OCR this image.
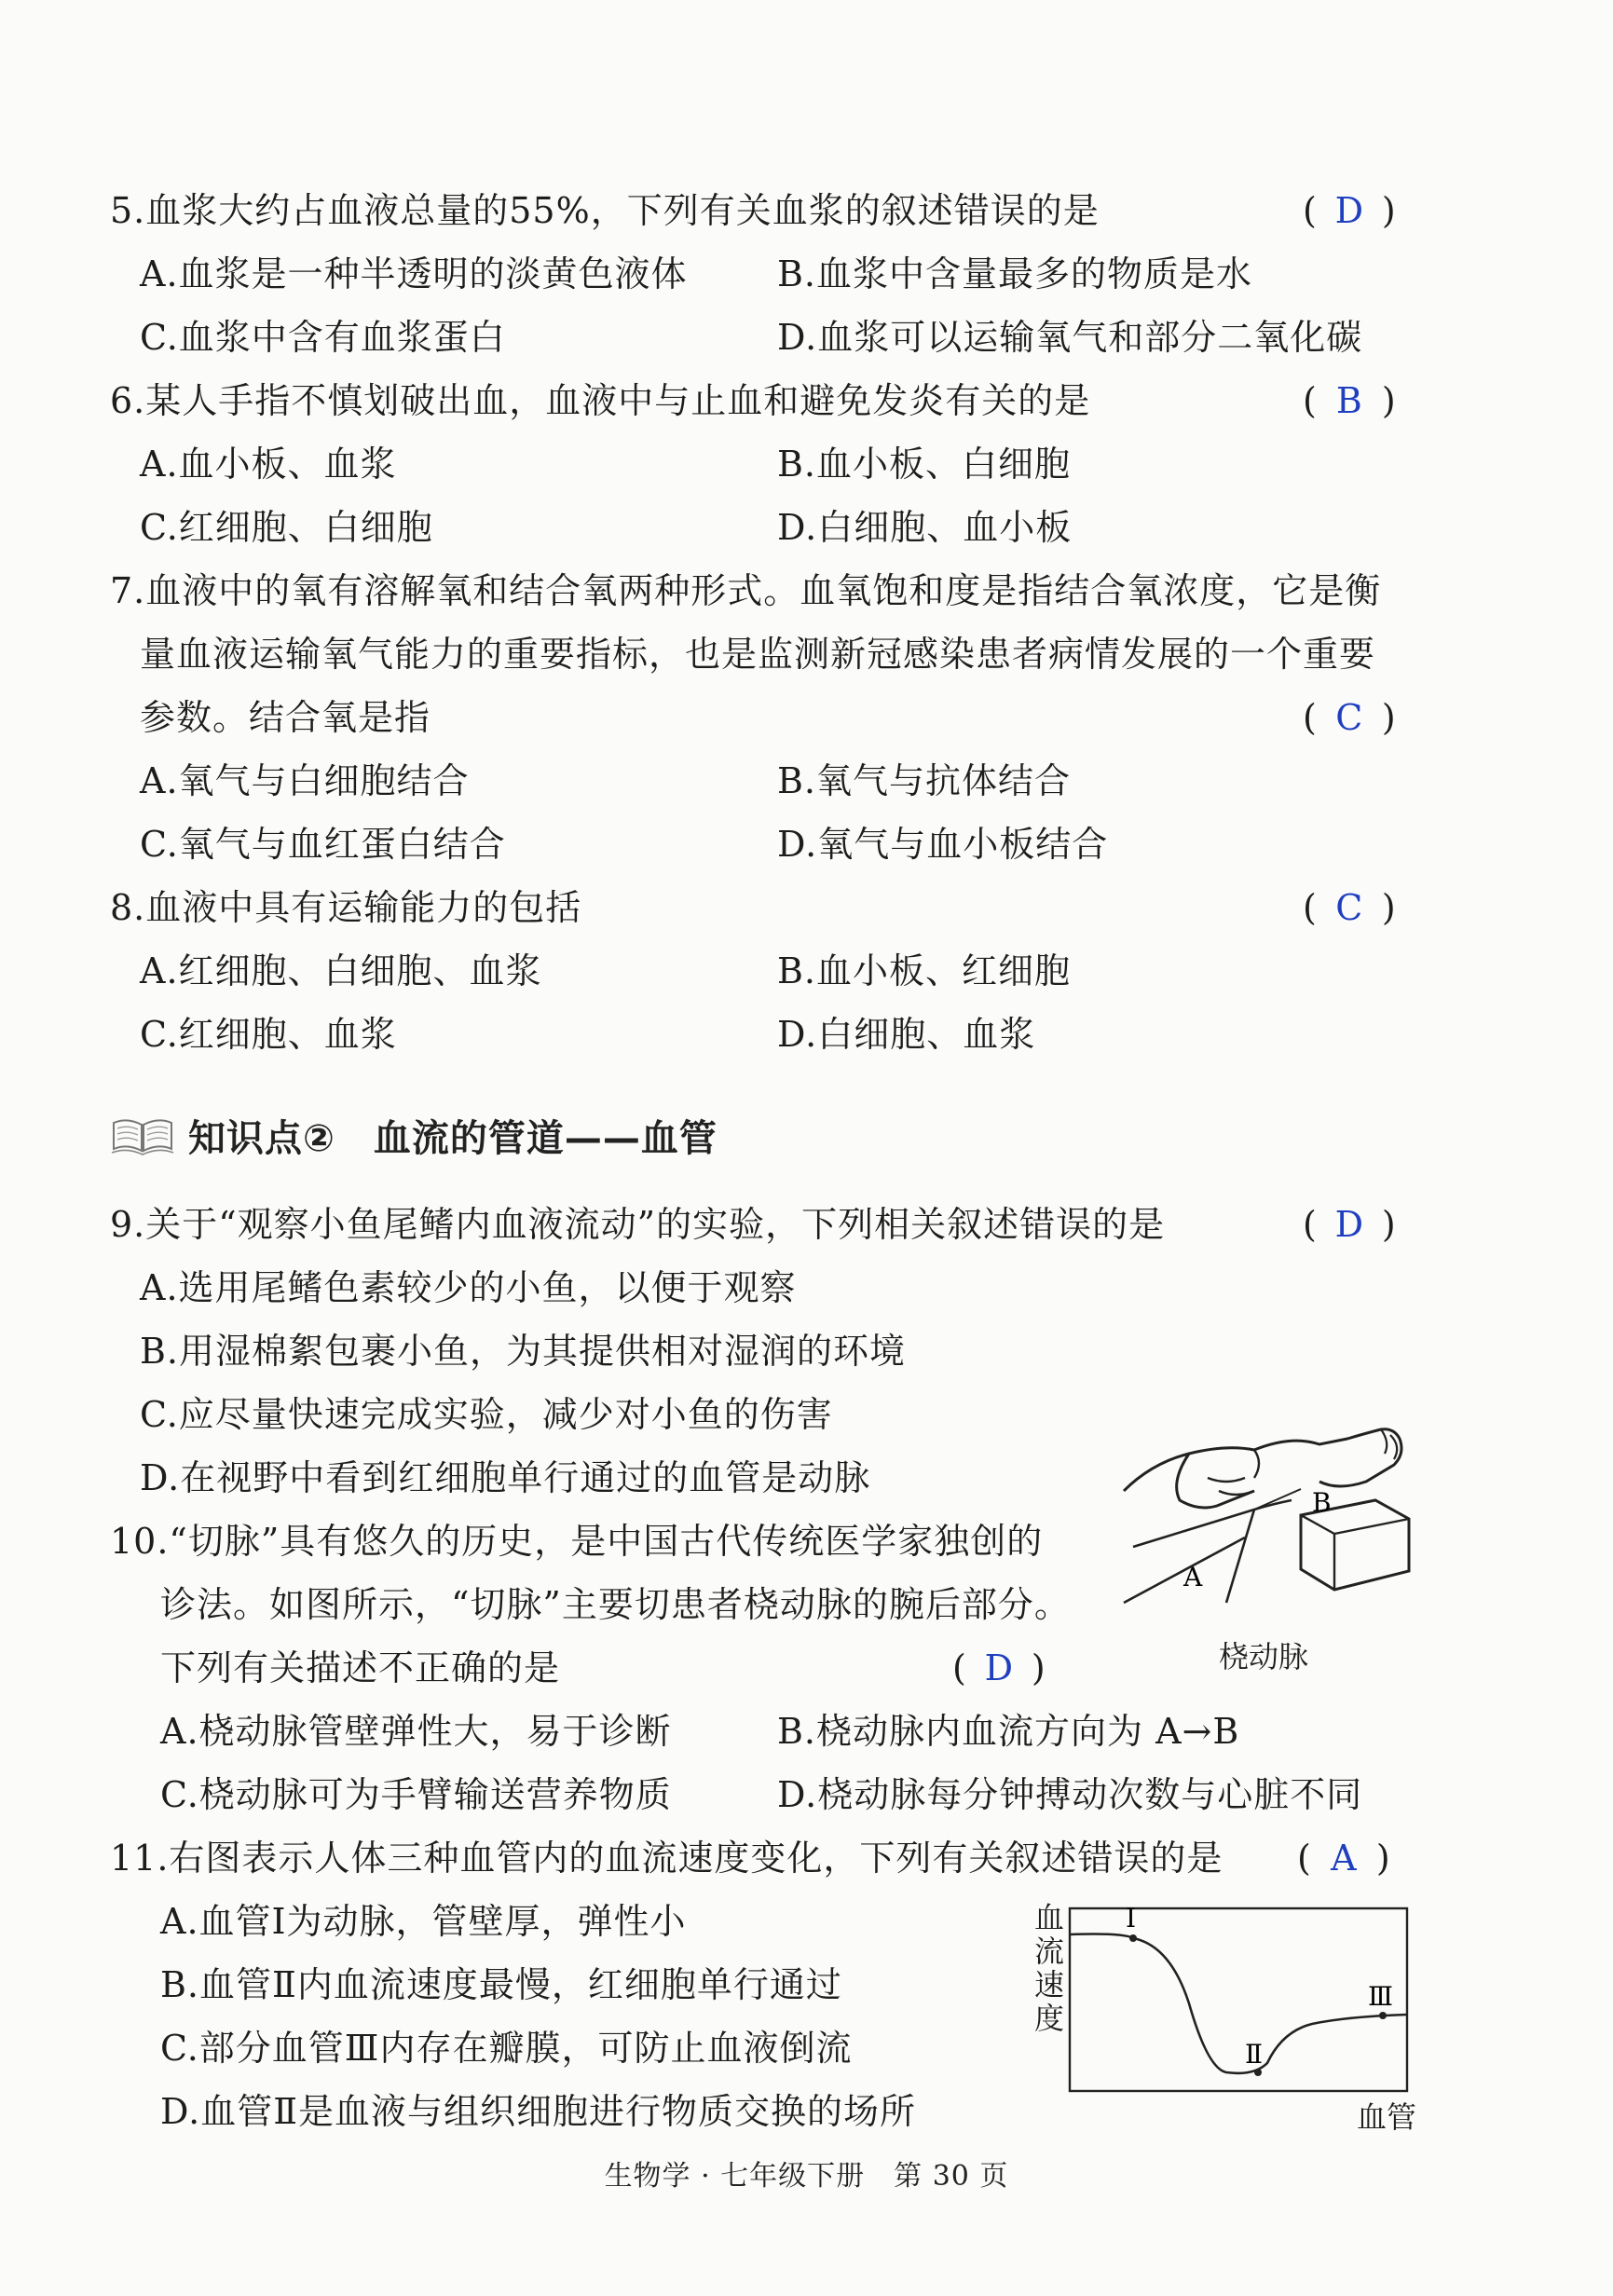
5.血浆大约占血液总量的55%，下列有关血浆的叙述错误的是	( D )
A.血浆是一种半透明的淡黄色液体	B.血浆中含量最多的物质是水
C.血浆中含有血浆蛋白	D.血浆可以运输氧气和部分二氧化碳
6.某人手指不慎划破出血，血液中与止血和避免发炎有关的是	( B )
A.血小板、血浆	B.血小板、白细胞
C.红细胞、白细胞	D.白细胞、血小板
7.血液中的氧有溶解氧和结合氧两种形式。血氧饱和度是指结合氧浓度，它是衡
量血液运输氧气能力的重要指标，也是监测新冠感染患者病情发展的一个重要
参数。结合氧是指	( C )
A.氧气与白细胞结合	B.氧气与抗体结合
C.氧气与血红蛋白结合	D.氧气与血小板结合
8.血液中具有运输能力的包括	( C )
A.红细胞、白细胞、血浆	B.血小板、红细胞
C.红细胞、血浆	D.白细胞、血浆
知识点②　血流的管道——血管
9.关于“观察小鱼尾鳍内血液流动”的实验，下列相关叙述错误的是	( D )
A.选用尾鳍色素较少的小鱼，以便于观察
B.用湿棉絮包裹小鱼，为其提供相对湿润的环境
C.应尽量快速完成实验，减少对小鱼的伤害
D.在视野中看到红细胞单行通过的血管是动脉
B
A
桡动脉
10.“切脉”具有悠久的历史，是中国古代传统医学家独创的
诊法。如图所示，“切脉”主要切患者桡动脉的腕后部分。
下列有关描述不正确的是	( D )
A.桡动脉管壁弹性大，易于诊断	B.桡动脉内血流方向为 A→B
C.桡动脉可为手臂输送营养物质	D.桡动脉每分钟搏动次数与心脏不同
11.右图表示人体三种血管内的血流速度变化，下列有关叙述错误的是 ( A )
A.血管Ⅰ为动脉，管壁厚，弹性小
B.血管Ⅱ内血流速度最慢，红细胞单行通过
C.部分血管Ⅲ内存在瓣膜，可防止血液倒流
D.血管Ⅱ是血液与组织细胞进行物质交换的场所
血流速度
Ⅰ
Ⅱ
Ⅲ
血管
生物学 · 七年级下册　第 30 页
